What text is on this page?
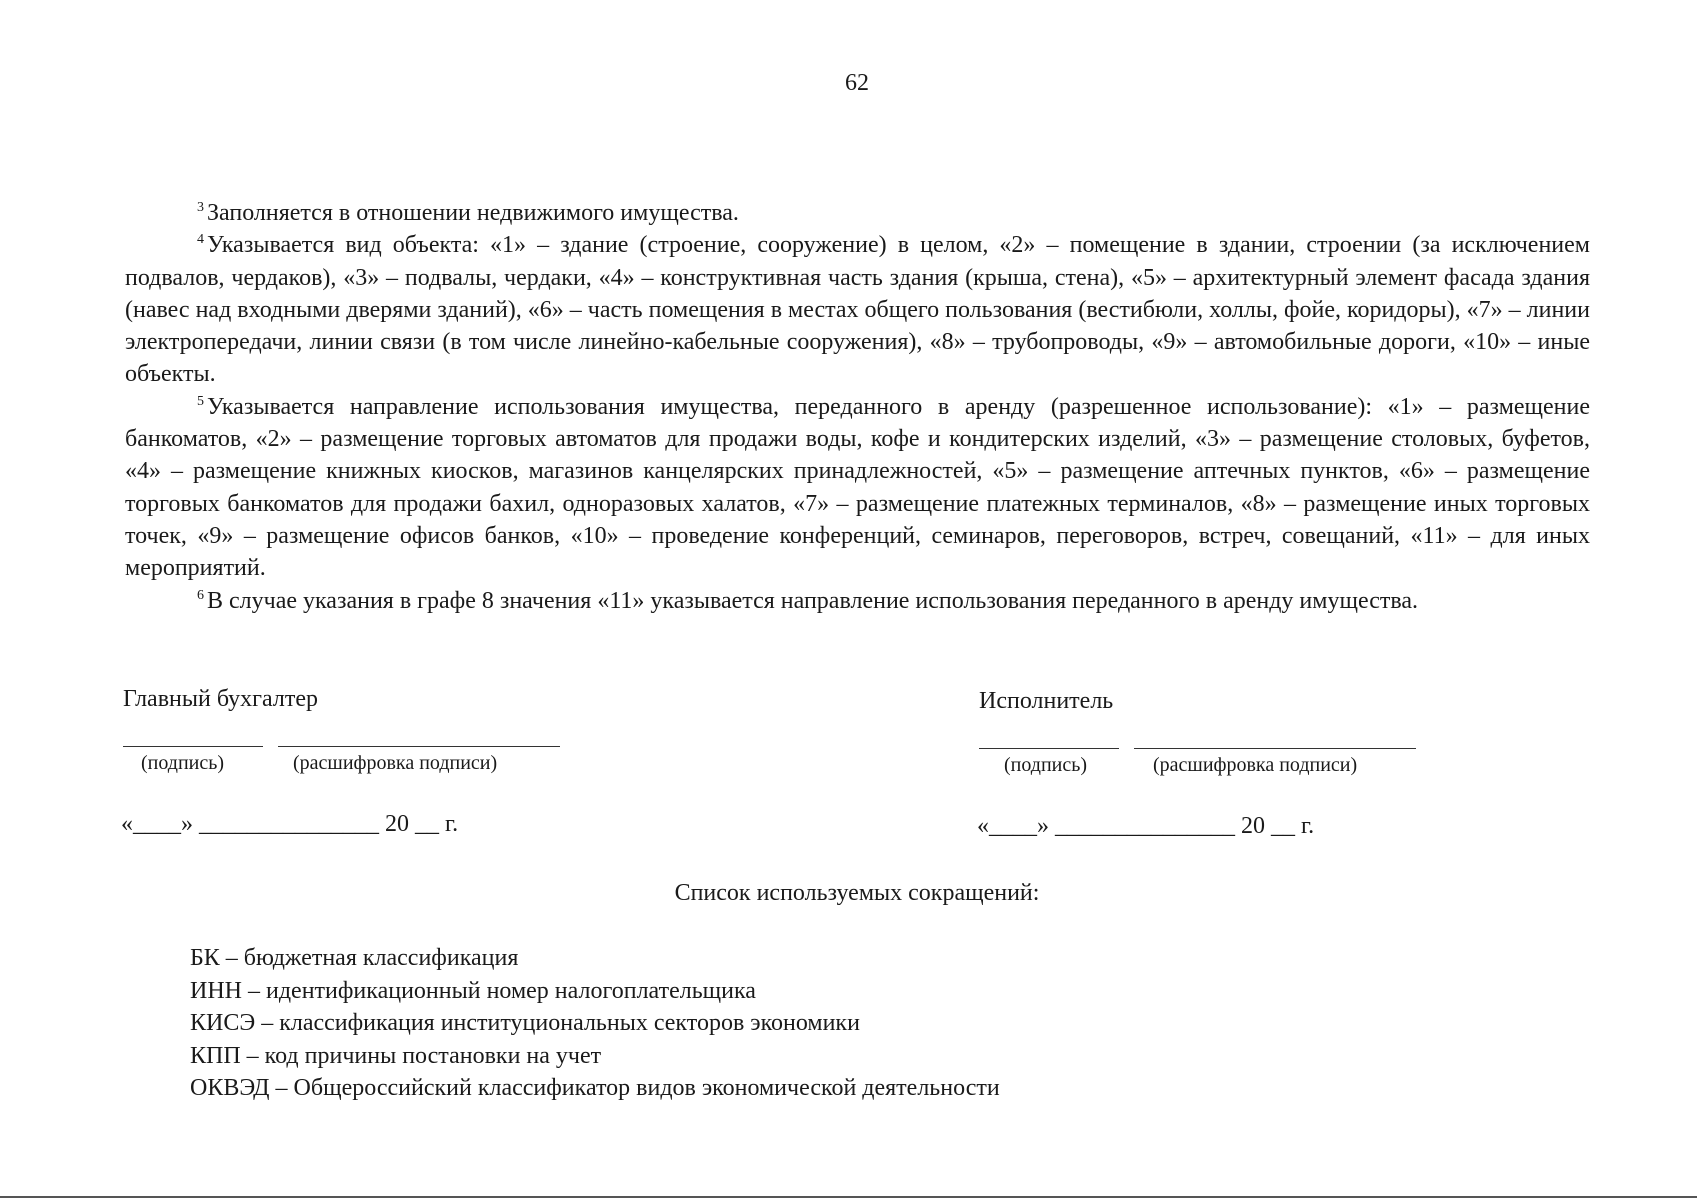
62

$^3$ Заполняется в отношении недвижимого имущества.

$^4$ Указывается вид объекта: «1» – здание (строение, сооружение) в целом, «2» – помещение в здании, строении (за исключением подвалов, чердаков), «3» – подвалы, чердаки, «4» – конструктивная часть здания (крыша, стена), «5» – архитектурный элемент фасада здания (навес над входными дверями зданий), «6» – часть помещения в местах общего пользования (вестибюли, холлы, фойе, коридоры), «7» – линии электропередачи, линии связи (в том числе линейно-кабельные сооружения), «8» – трубопроводы, «9» – автомобильные дороги, «10» – иные объекты.

$^5$ Указывается направление использования имущества, переданного в аренду (разрешенное использование): «1» – размещение банкоматов, «2» – размещение торговых автоматов для продажи воды, кофе и кондитерских изделий, «3» – размещение столовых, буфетов, «4» – размещение книжных киосков, магазинов канцелярских принадлежностей, «5» – размещение аптечных пунктов, «6» – размещение торговых банкоматов для продажи бахил, одноразовых халатов, «7» – размещение платежных терминалов, «8» – размещение иных торговых точек, «9» – размещение офисов банков, «10» – проведение конференций, семинаров, переговоров, встреч, совещаний, «11» – для иных мероприятий.

$^6$ В случае указания в графе 8 значения «11» указывается направление использования переданного в аренду имущества.

Главный бухгалтер
(подпись)	(расшифровка подписи)
«____» _______________ 20 __ г.
Исполнитель
(подпись)	(расшифровка подписи)
«____» _______________ 20 __ г.
Список используемых сокращений:
БК – бюджетная классификация
ИНН – идентификационный номер налогоплательщика
КИСЭ – классификация институциональных секторов экономики
КПП – код причины постановки на учет
ОКВЭД – Общероссийский классификатор видов экономической деятельности
